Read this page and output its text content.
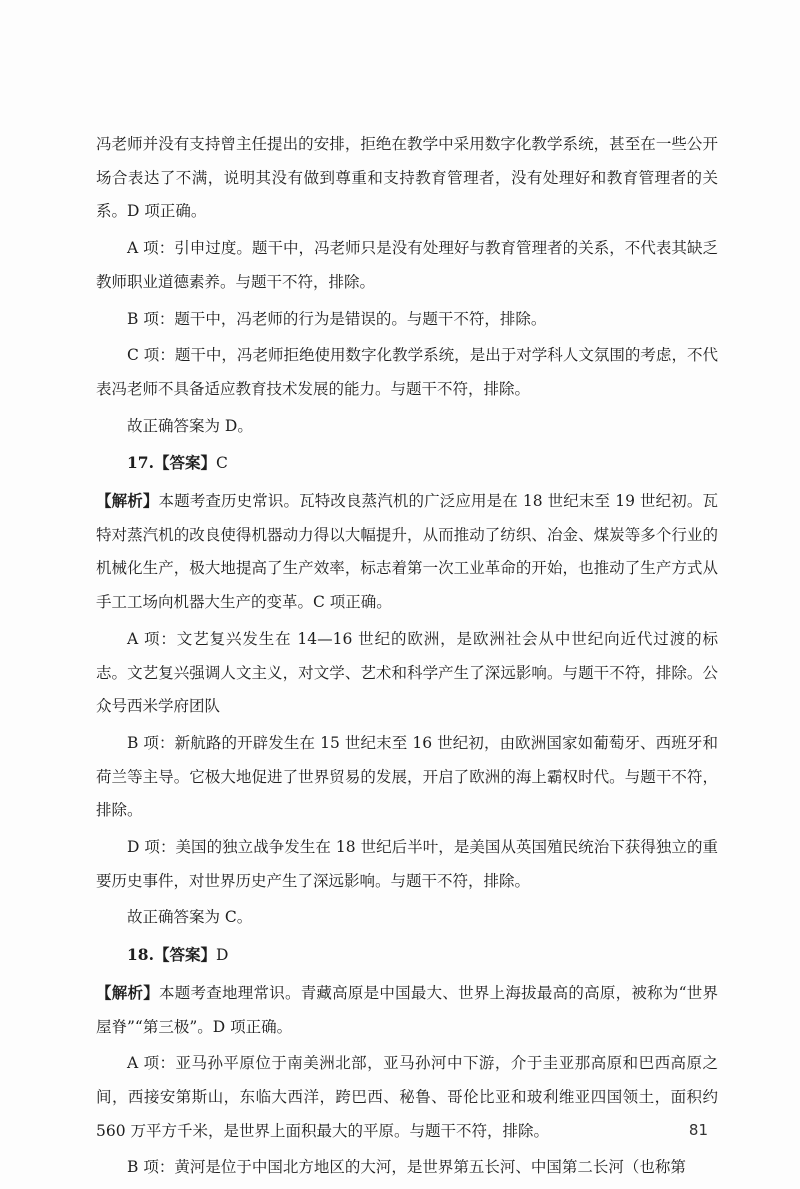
冯老师并没有支持曾主任提出的安排，拒绝在教学中采用数字化教学系统，甚至在一些公开场合表达了不满，说明其没有做到尊重和支持教育管理者，没有处理好和教育管理者的关系。D 项正确。

A 项：引申过度。题干中，冯老师只是没有处理好与教育管理者的关系，不代表其缺乏教师职业道德素养。与题干不符，排除。

B 项：题干中，冯老师的行为是错误的。与题干不符，排除。

C 项：题干中，冯老师拒绝使用数字化教学系统，是出于对学科人文氛围的考虑，不代表冯老师不具备适应教育技术发展的能力。与题干不符，排除。

故正确答案为 D。

17.【答案】C

【解析】本题考查历史常识。瓦特改良蒸汽机的广泛应用是在 18 世纪末至 19 世纪初。瓦特对蒸汽机的改良使得机器动力得以大幅提升，从而推动了纺织、冶金、煤炭等多个行业的机械化生产，极大地提高了生产效率，标志着第一次工业革命的开始，也推动了生产方式从手工工场向机器大生产的变革。C 项正确。

A 项：文艺复兴发生在 14—16 世纪的欧洲，是欧洲社会从中世纪向近代过渡的标志。文艺复兴强调人文主义，对文学、艺术和科学产生了深远影响。与题干不符，排除。公众号西米学府团队

B 项：新航路的开辟发生在 15 世纪末至 16 世纪初，由欧洲国家如葡萄牙、西班牙和荷兰等主导。它极大地促进了世界贸易的发展，开启了欧洲的海上霸权时代。与题干不符，排除。

D 项：美国的独立战争发生在 18 世纪后半叶，是美国从英国殖民统治下获得独立的重要历史事件，对世界历史产生了深远影响。与题干不符，排除。

故正确答案为 C。

18.【答案】D

【解析】本题考查地理常识。青藏高原是中国最大、世界上海拔最高的高原，被称为“世界屋脊”“第三极”。D 项正确。

A 项：亚马孙平原位于南美洲北部，亚马孙河中下游，介于圭亚那高原和巴西高原之间，西接安第斯山，东临大西洋，跨巴西、秘鲁、哥伦比亚和玻利维亚四国领土，面积约 560 万平方千米，是世界上面积最大的平原。与题干不符，排除。

B 项：黄河是位于中国北方地区的大河，是世界第五长河、中国第二长河（也称第

81
